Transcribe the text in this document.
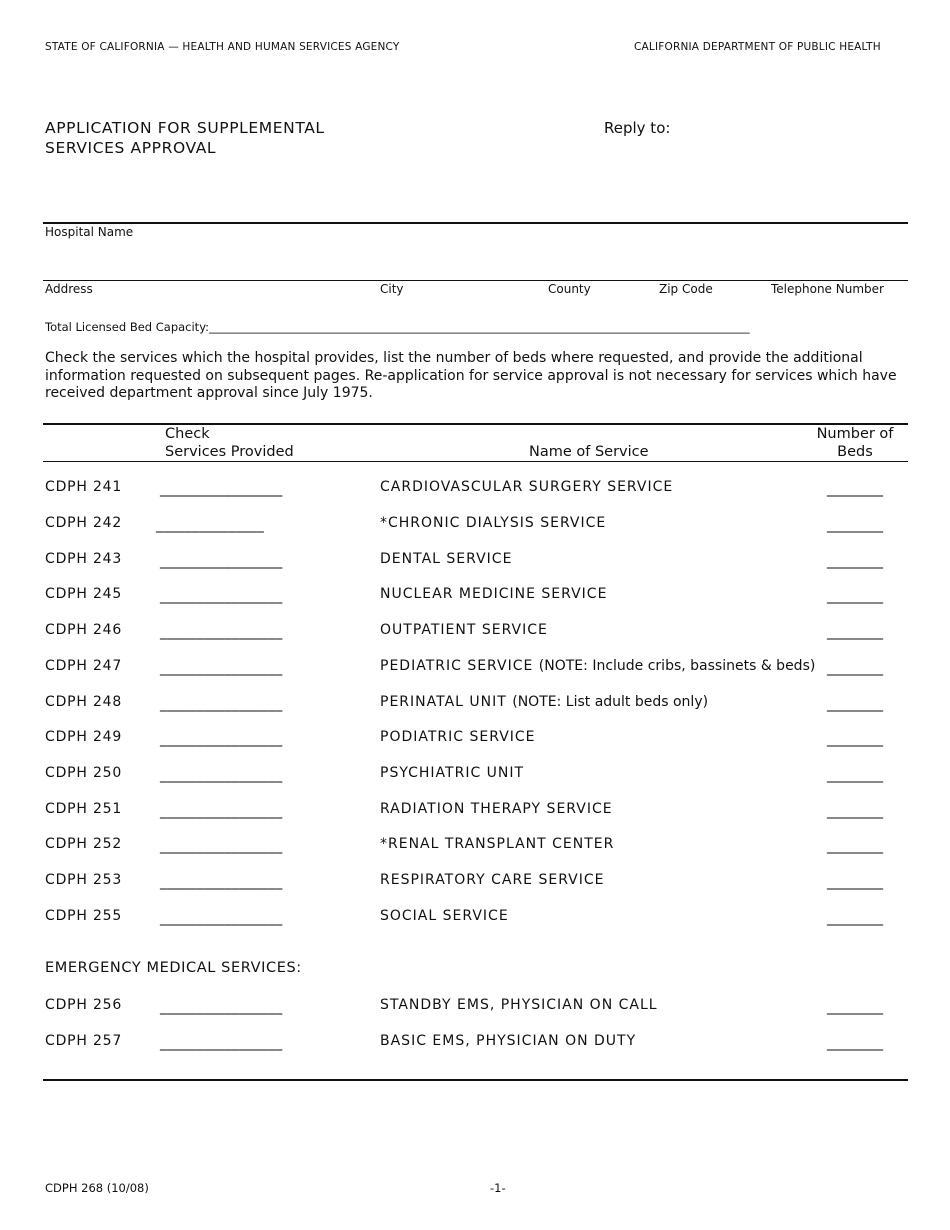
STATE OF CALIFORNIA — HEALTH AND HUMAN SERVICES AGENCY	CALIFORNIA DEPARTMENT OF PUBLIC HEALTH
APPLICATION FOR SUPPLEMENTAL
SERVICES APPROVAL
Reply to:
Hospital Name
Address	City	County	Zip Code	Telephone Number
Total Licensed Bed Capacity:______________________________________________________________________________________________
Check the services which the hospital provides, list the number of beds where requested, and provide the additional information requested on subsequent pages. Re-application for service approval is not necessary for services which have received department approval since July 1975.
Check
Services Provided	Name of Service
Number of
Beds
CDPH 241	_________________	CARDIOVASCULAR SURGERY SERVICE	________
CDPH 242 _______________	*CHRONIC DIALYSIS SERVICE	________
CDPH 243	_________________	DENTAL SERVICE	________
CDPH 245	_________________	NUCLEAR MEDICINE SERVICE	________
CDPH 246	_________________	OUTPATIENT SERVICE	________
CDPH 247	_________________	PEDIATRIC SERVICE (NOTE: Include cribs, bassinets & beds) ________
CDPH 248	_________________	PERINATAL UNIT (NOTE: List adult beds only)	________
CDPH 249	_________________	PODIATRIC SERVICE	________
CDPH 250	_________________	PSYCHIATRIC UNIT	________
CDPH 251	_________________	RADIATION THERAPY SERVICE	________
CDPH 252	_________________	*RENAL TRANSPLANT CENTER	________
CDPH 253	_________________	RESPIRATORY CARE SERVICE	________
CDPH 255	_________________	SOCIAL SERVICE	________
EMERGENCY MEDICAL SERVICES:
CDPH 256	_________________	STANDBY EMS, PHYSICIAN ON CALL	________
CDPH 257	_________________	BASIC EMS, PHYSICIAN ON DUTY	________
CDPH 268 (10/08)	-1-
